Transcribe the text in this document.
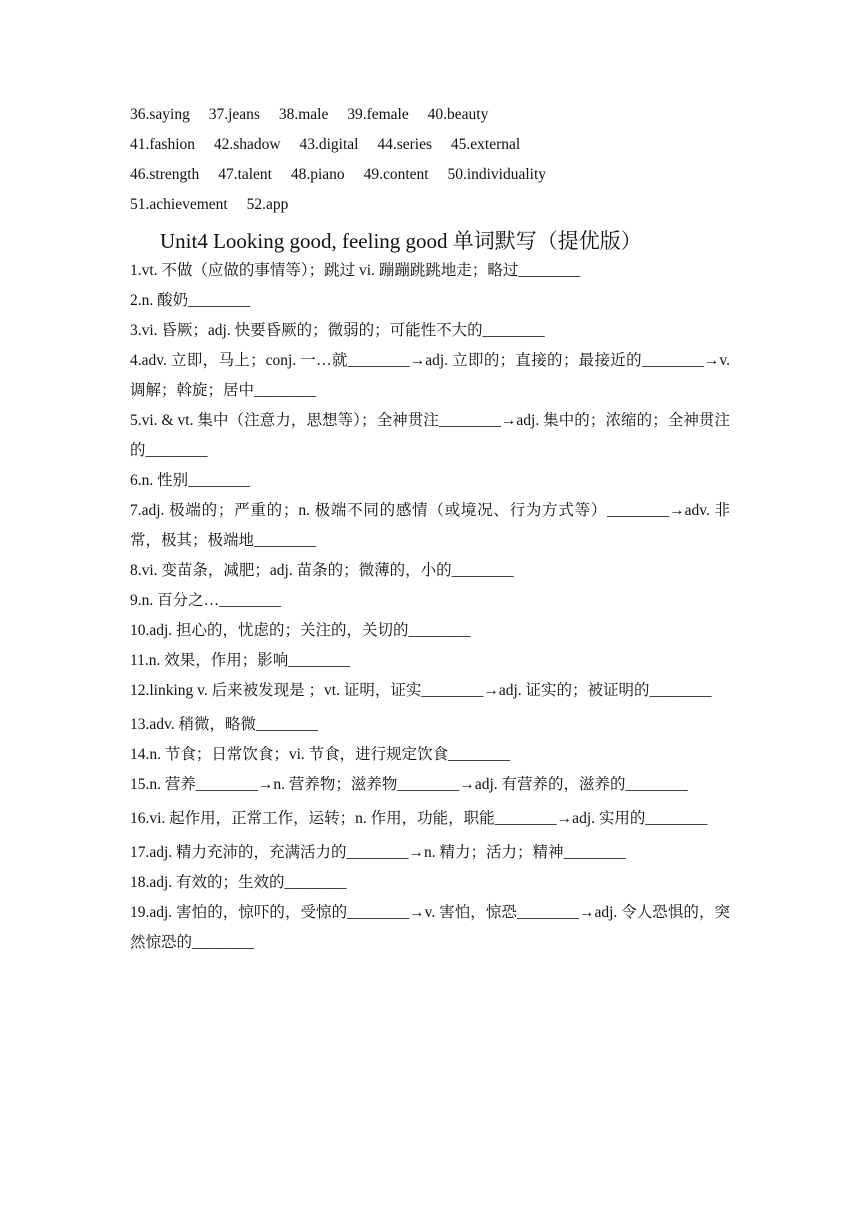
36.saying 37.jeans 38.male 39.female 40.beauty
41.fashion 42.shadow 43.digital 44.series 45.external
46.strength 47.talent 48.piano 49.content 50.individuality
51.achievement 52.app
Unit4 Looking good, feeling good 单词默写（提优版）
1.vt. 不做（应做的事情等）；跳过 vi. 蹦蹦跳跳地走；略过________
2.n. 酸奶________
3.vi. 昏厥；adj. 快要昏厥的；微弱的；可能性不大的________
4.adv. 立即，马上；conj. 一…就________→adj. 立即的；直接的；最接近的________→v. 调解；斡旋；居中________
5.vi. & vt. 集中（注意力，思想等）；全神贯注________→adj. 集中的；浓缩的；全神贯注的________
6.n. 性别________
7.adj. 极端的；严重的；n. 极端不同的感情（或境况、行为方式等）________→adv. 非常，极其；极端地________
8.vi. 变苗条，减肥；adj. 苗条的；微薄的，小的________
9.n. 百分之…________
10.adj. 担心的，忧虑的；关注的，关切的________
11.n. 效果，作用；影响________
12.linking v. 后来被发现是 ；vt. 证明，证实________→adj. 证实的；被证明的________
13.adv. 稍微，略微________
14.n. 节食；日常饮食；vi. 节食，进行规定饮食________
15.n. 营养________→n. 营养物；滋养物________→adj. 有营养的，滋养的________
16.vi. 起作用，正常工作，运转；n. 作用，功能，职能________→adj. 实用的________
17.adj. 精力充沛的，充满活力的________→n. 精力；活力；精神________
18.adj. 有效的；生效的________
19.adj. 害怕的，惊吓的，受惊的________→v. 害怕，惊恐________→adj. 令人恐惧的，突然惊恐的________
